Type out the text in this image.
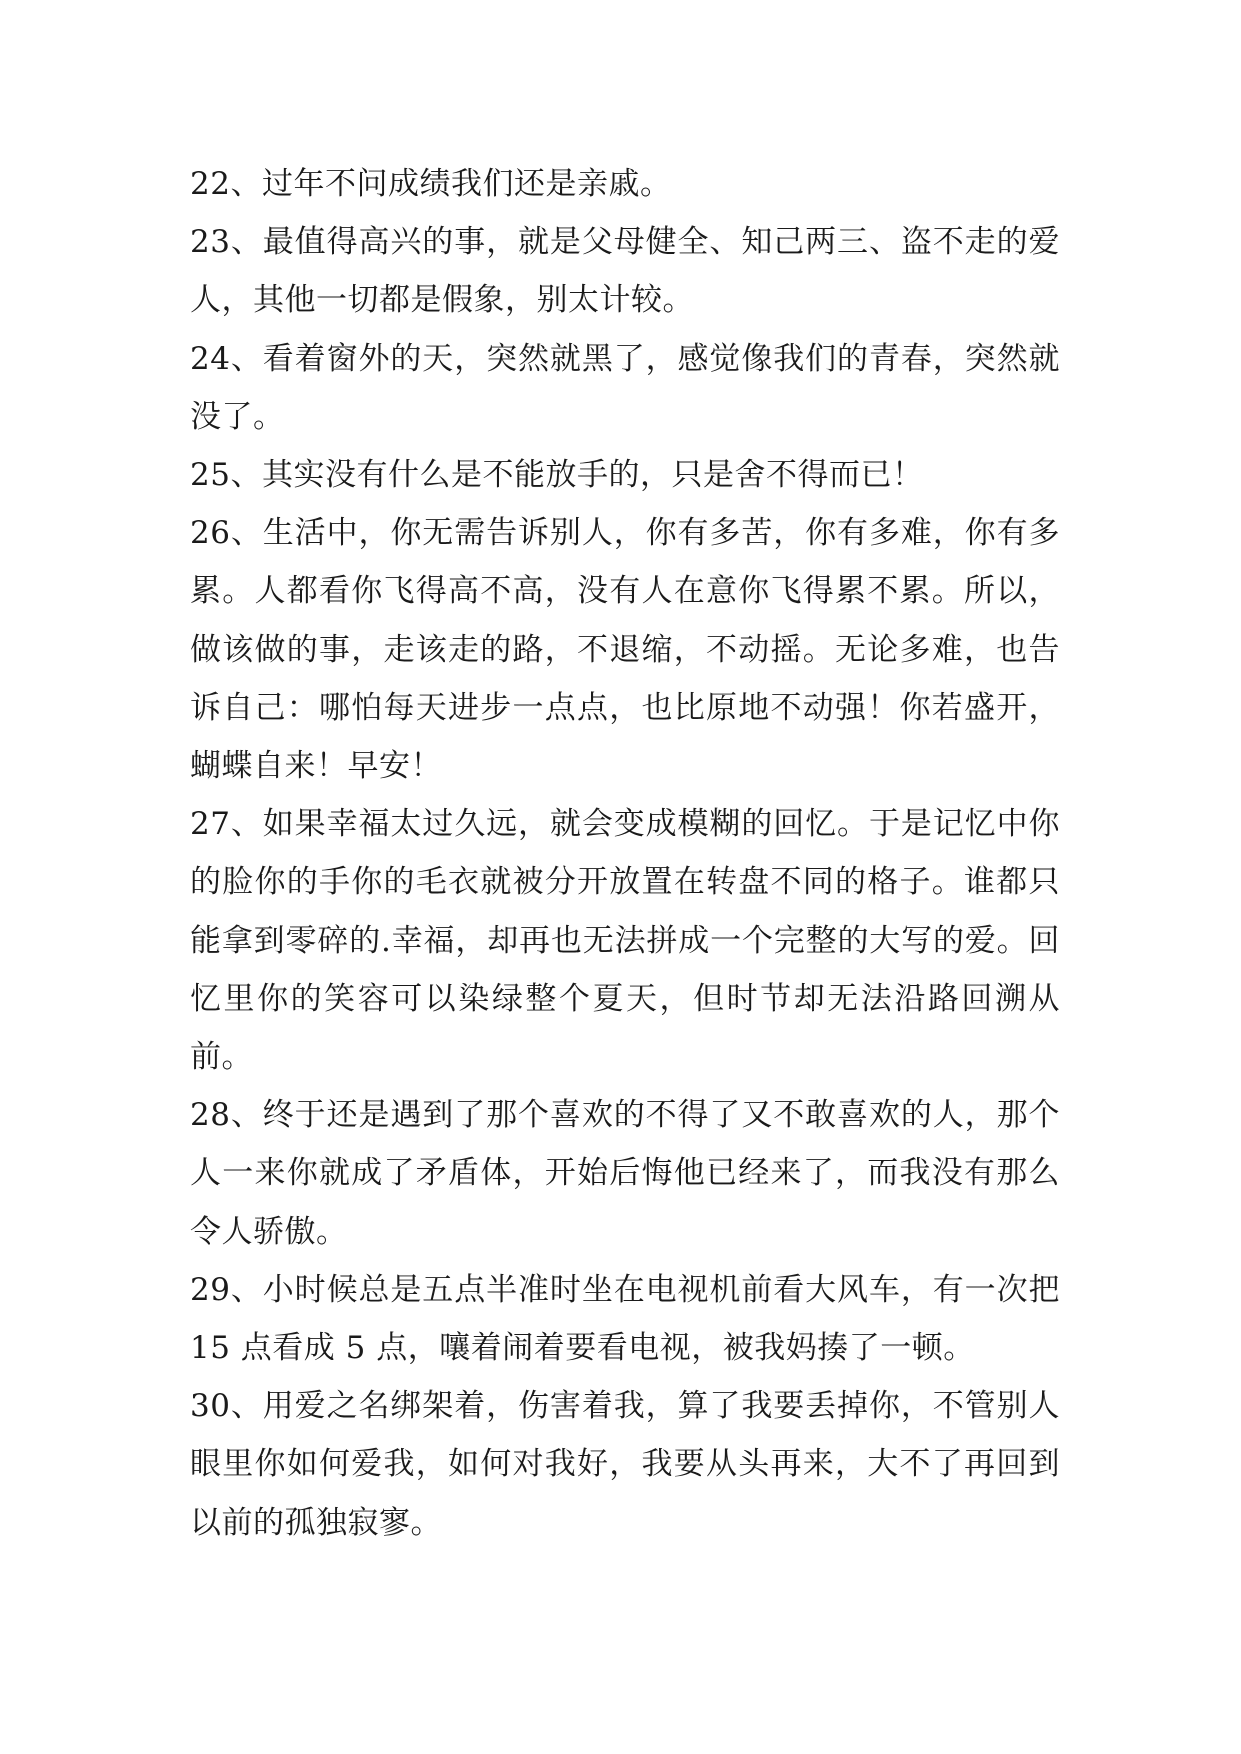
22、过年不问成绩我们还是亲戚。

23、最值得高兴的事，就是父母健全、知己两三、盗不走的爱人，其他一切都是假象，别太计较。

24、看着窗外的天，突然就黑了，感觉像我们的青春，突然就没了。

25、其实没有什么是不能放手的，只是舍不得而已！

26、生活中，你无需告诉别人，你有多苦，你有多难，你有多累。人都看你飞得高不高，没有人在意你飞得累不累。所以，做该做的事，走该走的路，不退缩，不动摇。无论多难，也告诉自己：哪怕每天进步一点点，也比原地不动强！你若盛开，蝴蝶自来！早安！

27、如果幸福太过久远，就会变成模糊的回忆。于是记忆中你的脸你的手你的毛衣就被分开放置在转盘不同的格子。谁都只能拿到零碎的.幸福，却再也无法拼成一个完整的大写的爱。回忆里你的笑容可以染绿整个夏天，但时节却无法沿路回溯从前。

28、终于还是遇到了那个喜欢的不得了又不敢喜欢的人，那个人一来你就成了矛盾体，开始后悔他已经来了，而我没有那么令人骄傲。

29、小时候总是五点半准时坐在电视机前看大风车，有一次把 15 点看成 5 点，嚷着闹着要看电视，被我妈揍了一顿。

30、用爱之名绑架着，伤害着我，算了我要丢掉你，不管别人眼里你如何爱我，如何对我好，我要从头再来，大不了再回到以前的孤独寂寥。
